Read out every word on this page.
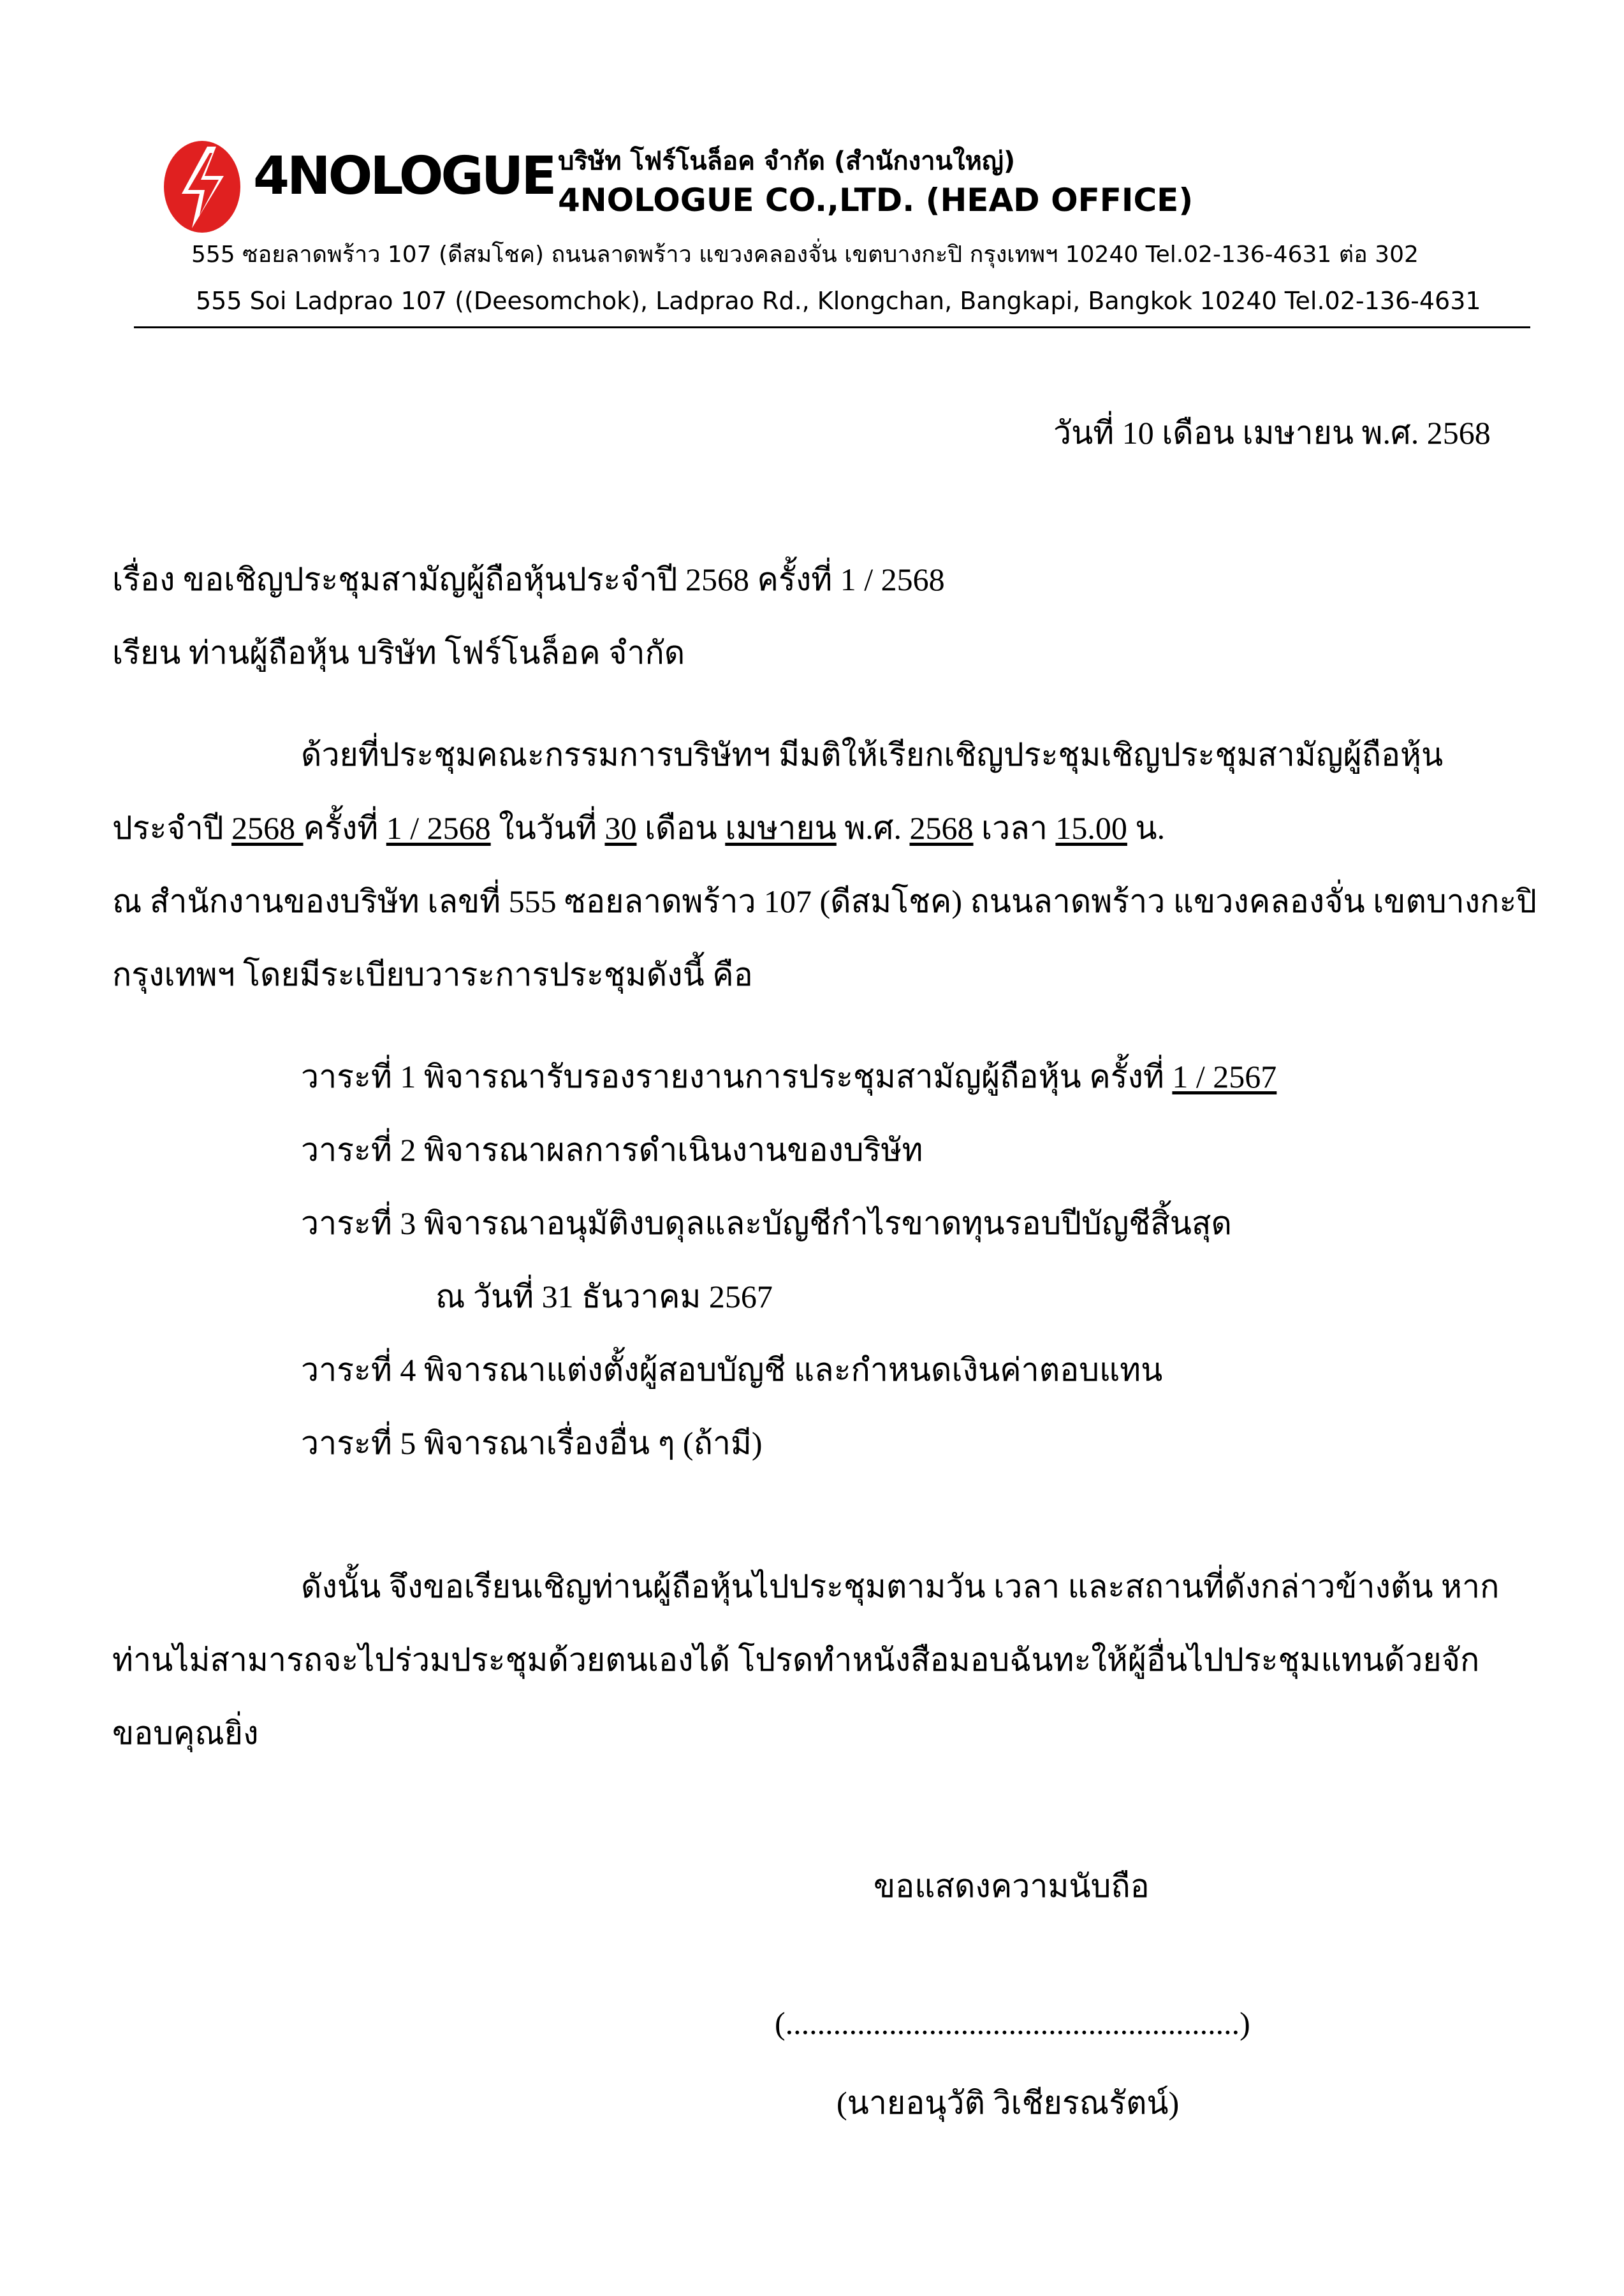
4NOLOGUE บริษัท โฟร์โนล็อค จำกัด (สำนักงานใหญ่)
4NOLOGUE CO.,LTD. (HEAD OFFICE)
555 ซอยลาดพร้าว 107 (ดีสมโชค) ถนนลาดพร้าว แขวงคลองจั่น เขตบางกะปิ กรุงเทพฯ 10240 Tel.02-136-4631 ต่อ 302
555 Soi Ladprao 107 ((Deesomchok), Ladprao Rd., Klongchan, Bangkapi, Bangkok 10240 Tel.02-136-4631
วันที่ 10 เดือน เมษายน พ.ศ. 2568
เรื่อง ขอเชิญประชุมสามัญผู้ถือหุ้นประจำปี 2568 ครั้งที่ 1 / 2568
เรียน ท่านผู้ถือหุ้น บริษัท โฟร์โนล็อค จำกัด
ด้วยที่ประชุมคณะกรรมการบริษัทฯ มีมติให้เรียกเชิญประชุมเชิญประชุมสามัญผู้ถือหุ้น
ประจำปี 2568 ครั้งที่ 1 / 2568 ในวันที่ 30 เดือน เมษายน พ.ศ. 2568 เวลา 15.00 น.
ณ สำนักงานของบริษัท เลขที่ 555 ซอยลาดพร้าว 107 (ดีสมโชค) ถนนลาดพร้าว แขวงคลองจั่น เขตบางกะปิ
กรุงเทพฯ โดยมีระเบียบวาระการประชุมดังนี้ คือ
วาระที่ 1 พิจารณารับรองรายงานการประชุมสามัญผู้ถือหุ้น ครั้งที่ 1 / 2567
วาระที่ 2 พิจารณาผลการดำเนินงานของบริษัท
วาระที่ 3 พิจารณาอนุมัติงบดุลและบัญชีกำไรขาดทุนรอบปีบัญชีสิ้นสุด
ณ วันที่ 31 ธันวาคม 2567
วาระที่ 4 พิจารณาแต่งตั้งผู้สอบบัญชี และกำหนดเงินค่าตอบแทน
วาระที่ 5 พิจารณาเรื่องอื่น ๆ (ถ้ามี)
ดังนั้น จึงขอเรียนเชิญท่านผู้ถือหุ้นไปประชุมตามวัน เวลา และสถานที่ดังกล่าวข้างต้น หาก
ท่านไม่สามารถจะไปร่วมประชุมด้วยตนเองได้ โปรดทำหนังสือมอบฉันทะให้ผู้อื่นไปประชุมแทนด้วยจัก
ขอบคุณยิ่ง
ขอแสดงความนับถือ
(.........................................................)
(นายอนุวัติ วิเชียรณรัตน์)
